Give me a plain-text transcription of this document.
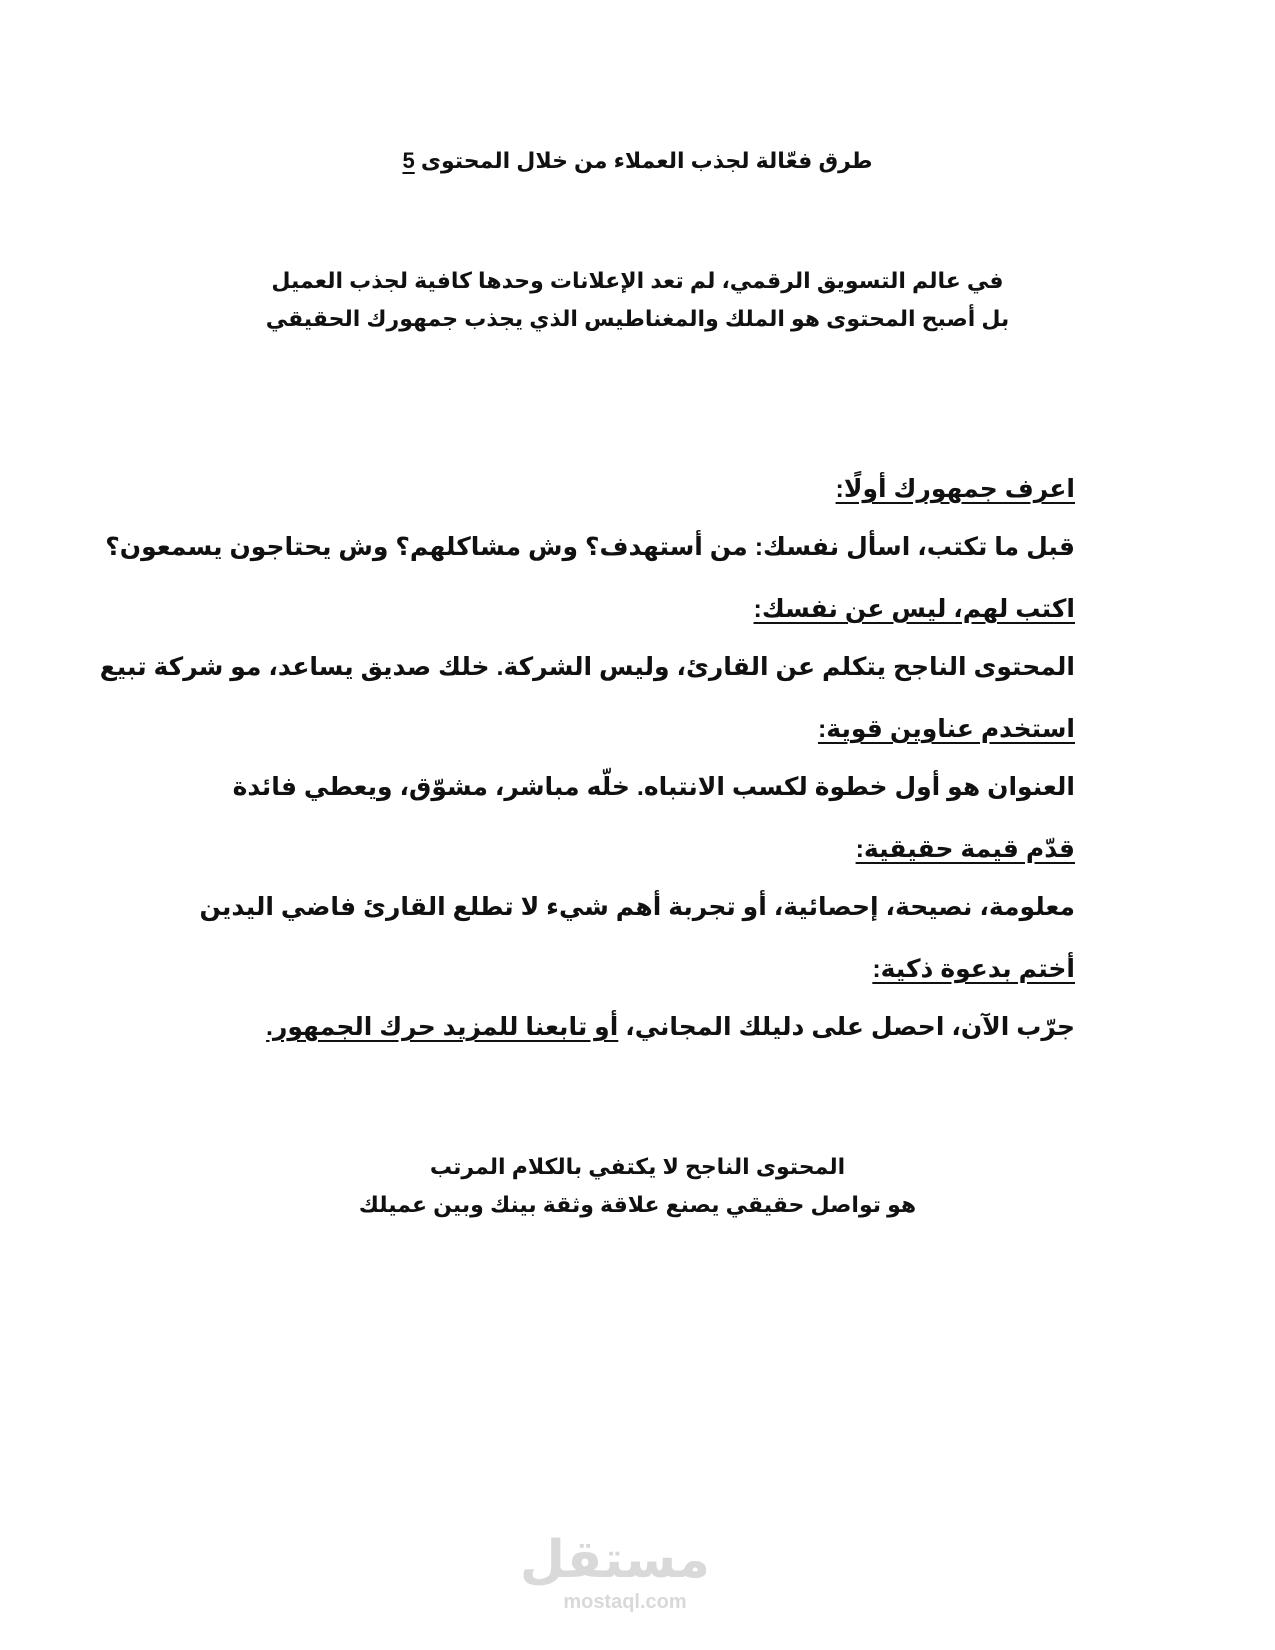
طرق فعّالة لجذب العملاء من خلال المحتوى 5
في عالم التسويق الرقمي، لم تعد الإعلانات وحدها كافية لجذب العميل
بل أصبح المحتوى هو الملك والمغناطيس الذي يجذب جمهورك الحقيقي
اعرف جمهورك أولًا:
قبل ما تكتب، اسأل نفسك: من أستهدف؟ وش مشاكلهم؟ وش يحتاجون يسمعون؟
اكتب لهم، ليس عن نفسك:
المحتوى الناجح يتكلم عن القارئ، وليس الشركة. خلك صديق يساعد، مو شركة تبيع
استخدم عناوين قوية:
العنوان هو أول خطوة لكسب الانتباه. خلّه مباشر، مشوّق، ويعطي فائدة
قدّم قيمة حقيقية:
معلومة، نصيحة، إحصائية، أو تجربة أهم شيء لا تطلع القارئ فاضي اليدين
أختم بدعوة ذكية:
جرّب الآن، احصل على دليلك المجاني، أو تابعنا للمزيد حرك الجمهور.
المحتوى الناجح لا يكتفي بالكلام المرتب
هو تواصل حقيقي يصنع علاقة وثقة بينك وبين عميلك
مستقل
mostaql.com
